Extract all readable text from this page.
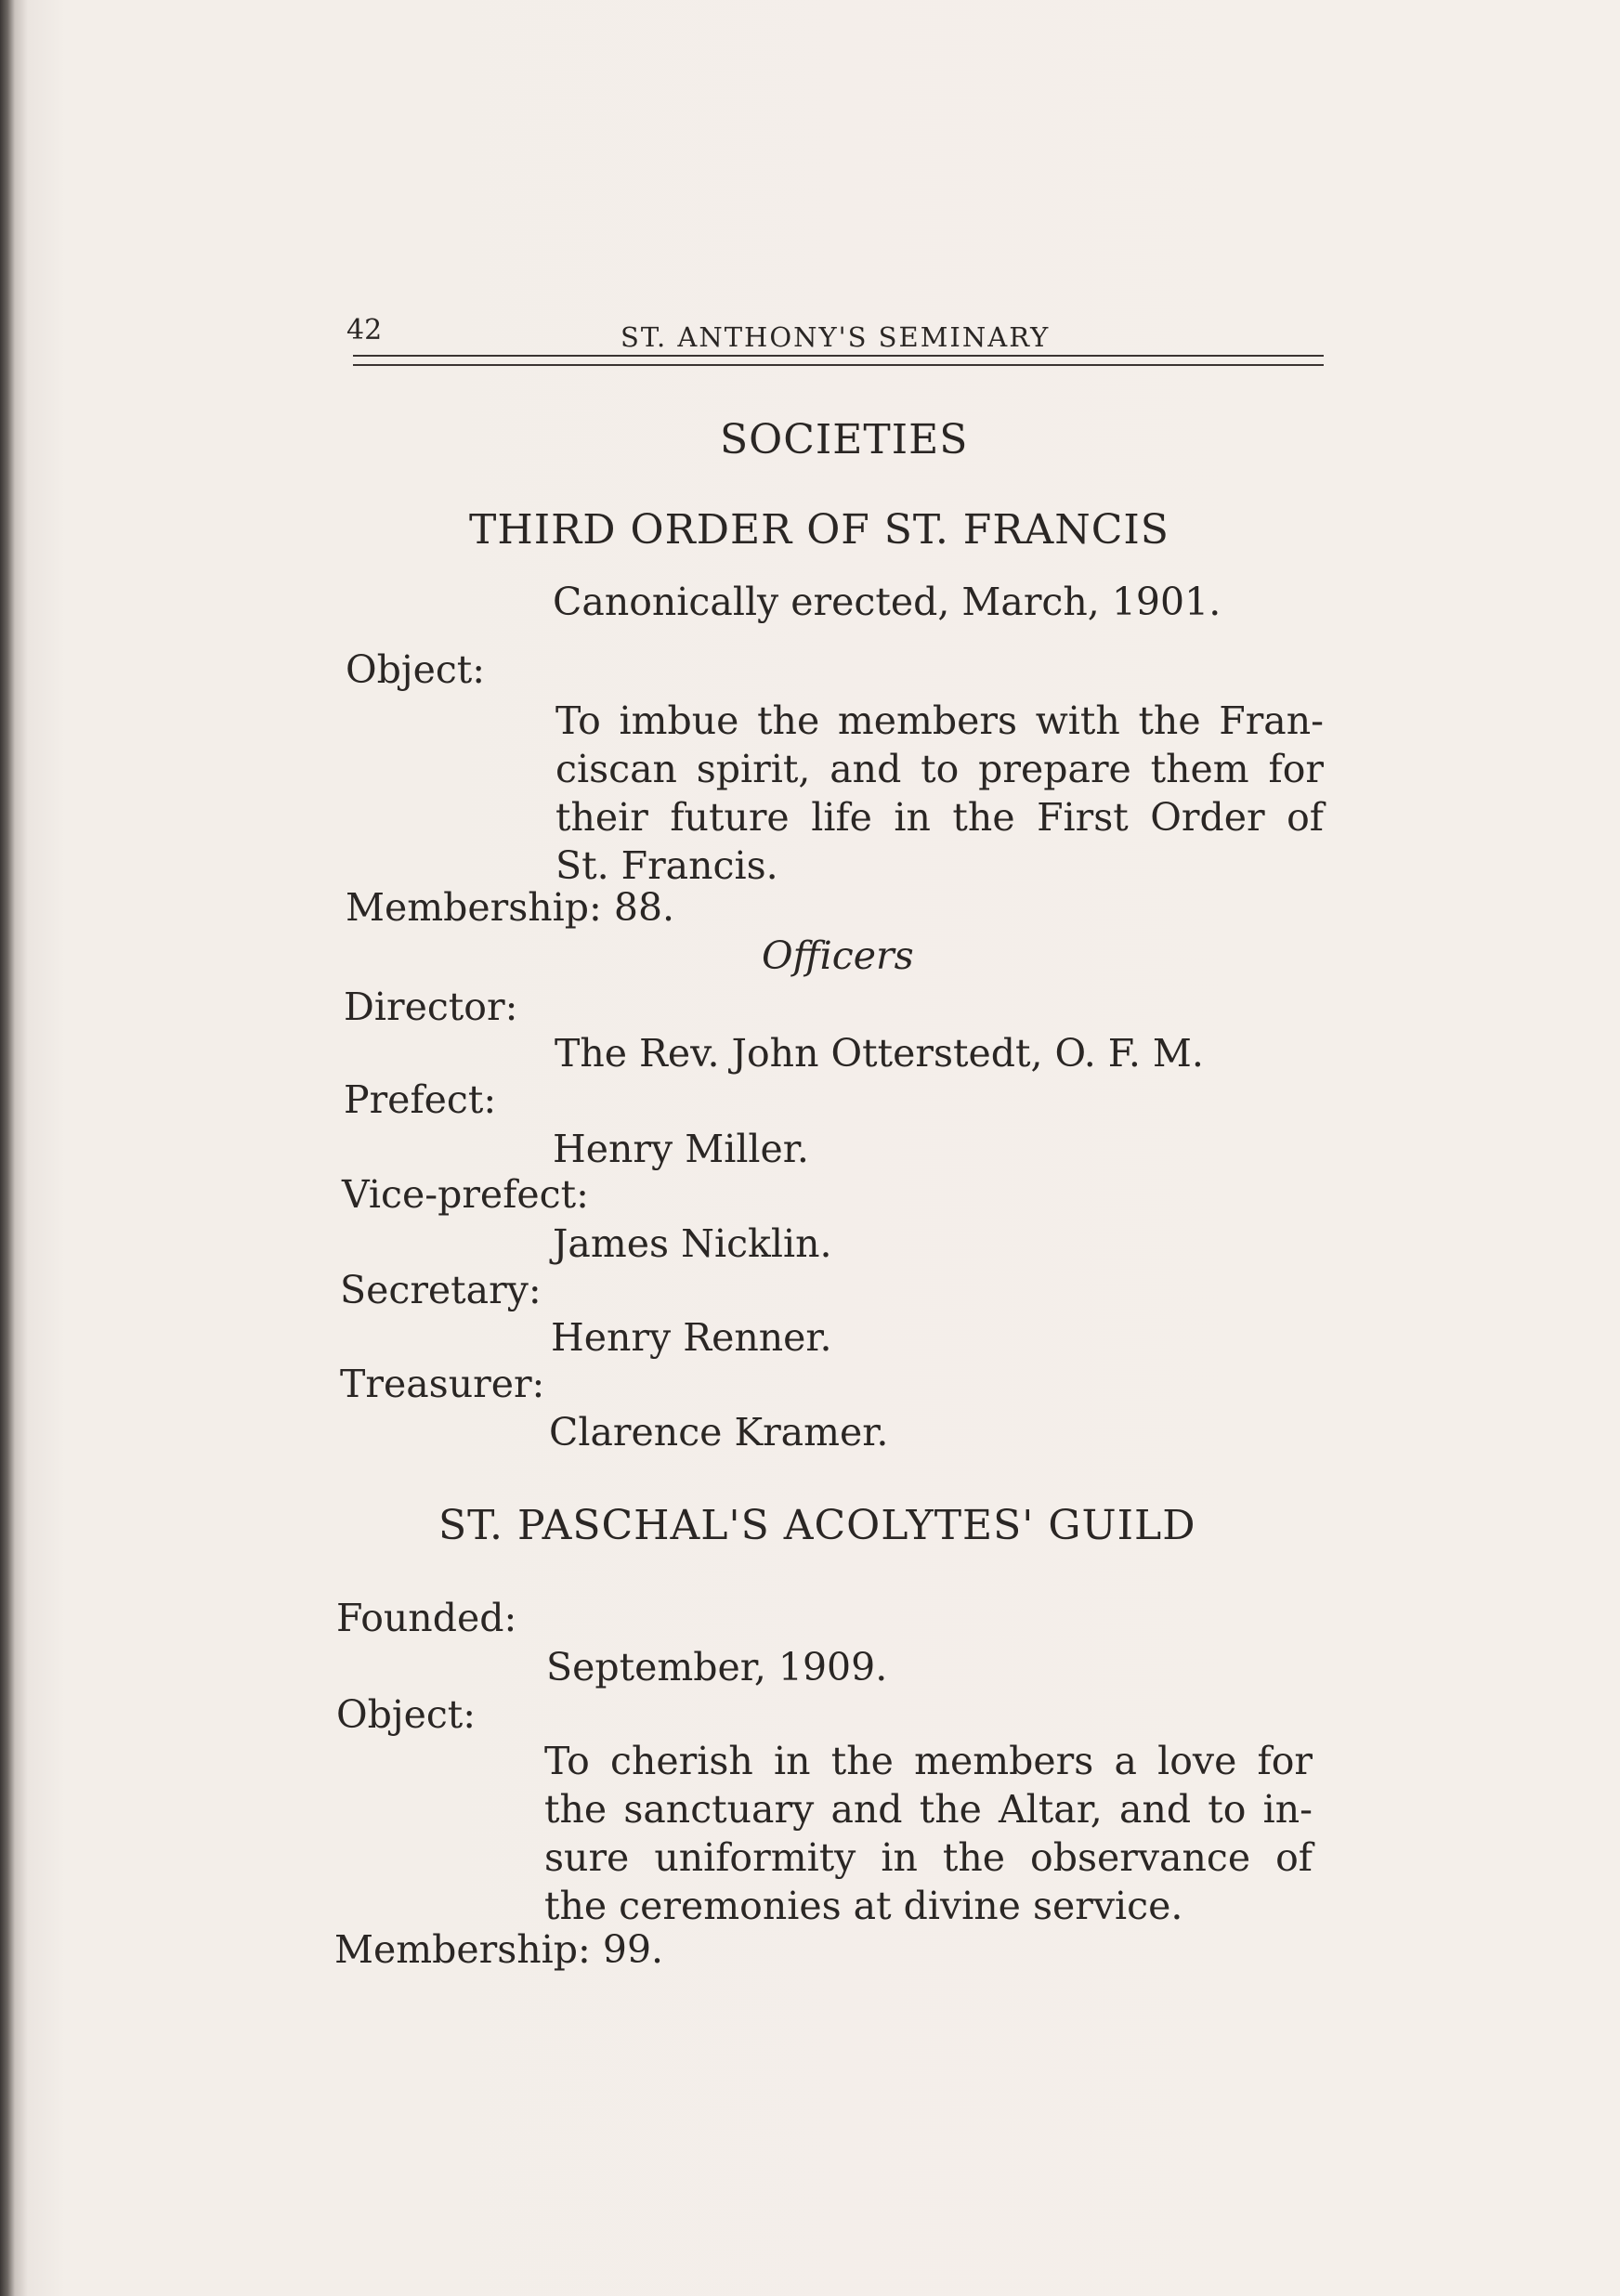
42	ST. ANTHONY'S SEMINARY
SOCIETIES
THIRD ORDER OF ST. FRANCIS
Canonically erected, March, 1901.
Object:
To imbue the members with the Fran-
ciscan spirit, and to prepare them for
their future life in the First Order of
St. Francis.
Membership: 88.
Officers
Director:
The Rev. John Otterstedt, O. F. M.
Prefect:
Henry Miller.
Vice-prefect:
James Nicklin.
Secretary:
Henry Renner.
Treasurer:
Clarence Kramer.
ST. PASCHAL'S ACOLYTES' GUILD
Founded:
September, 1909.
Object:
To cherish in the members a love for
the sanctuary and the Altar, and to in-
sure uniformity in the observance of
the ceremonies at divine service.
Membership: 99.
